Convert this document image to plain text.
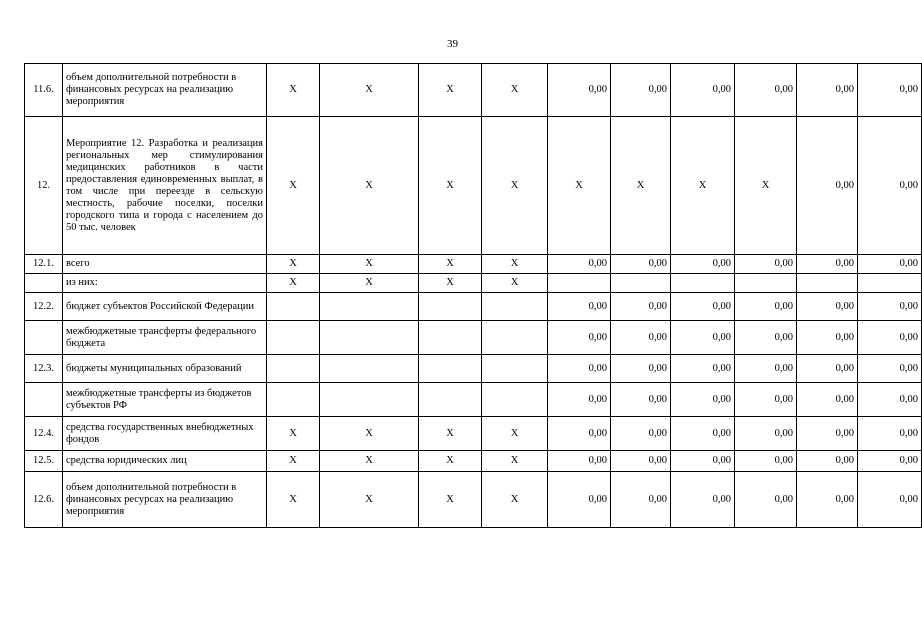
39
11.6.	объем дополнительной потребности в финансовых ресурсах на реализацию мероприятия	X	X	X	X	0,00	0,00	0,00	0,00	0,00	0,00
12.	Мероприятие 12. Разработка и реализация региональных мер стимулирования медицинских работников в части предоставления единовременных выплат, в том числе при переезде в сельскую местность, рабочие поселки, поселки городского типа и города с населением до 50 тыс. человек	X	X	X	X	X	X	X	X	0,00	0,00
12.1.	всего	X	X	X	X	0,00	0,00	0,00	0,00	0,00	0,00
	из них:	X	X	X	X						
12.2.	бюджет субъектов Российской Федерации					0,00	0,00	0,00	0,00	0,00	0,00
	межбюджетные трансферты федерального бюджета					0,00	0,00	0,00	0,00	0,00	0,00
12.3.	бюджеты муниципальных образований					0,00	0,00	0,00	0,00	0,00	0,00
	межбюджетные трансферты из бюджетов субъектов РФ					0,00	0,00	0,00	0,00	0,00	0,00
12.4.	средства государственных внебюджетных фондов	X	X	X	X	0,00	0,00	0,00	0,00	0,00	0,00
12.5.	средства юридических лиц	X	X	X	X	0,00	0,00	0,00	0,00	0,00	0,00
12.6.	объем дополнительной потребности в финансовых ресурсах на реализацию мероприятия	X	X	X	X	0,00	0,00	0,00	0,00	0,00	0,00
